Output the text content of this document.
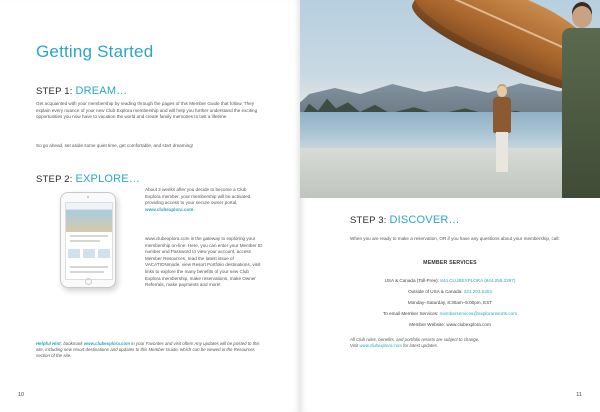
Getting Started
STEP 1: DREAM…

Get acquainted with your membership by reading through the pages of this Member Guide that follow. They explain every nuance of your new Club Explora membership and will help you further understand the exciting opportunities you now have to vacation the world and create family memories to last a lifetime.

So go ahead, set aside some quiet time, get comfortable, and start dreaming!

STEP 2: EXPLORE…

About 2 weeks after you decide to become a Club Explora member, your membership will be activated, providing access to your secure owner portal, www.clubexplora.com.

www.clubexplora.com is the gateway to exploring your membership on-line. Here, you can enter your Member ID number and Password to view your account, access Member Resources, read the latest issue of VACATIONmode, view Resort Portfolio destinations, visit links to explore the many benefits of your new Club Explora membership, make reservations, make Owner Referrals, make payments and more!

Helpful Hint: bookmark www.clubexplora.com in your Favorites and visit often! Any updates will be posted to this site, including new resort destinations and updates to this Member Guide, which can be viewed in the Resources section of the site.

10
STEP 3: DISCOVER…

When you are ready to make a reservation, OR if you have any questions about your membership, call:

MEMBER SERVICES

USA & Canada (Toll-Free): 844.CLUBEXPLORA (844.258.2397)

Outside of USA & Canada: 321.203.5303

Monday–Saturday, 8:30am–5:00pm, EST

To email Member Services: memberservices@exploraresorts.com

Member Website: www.clubexplora.com

All Club rules, benefits, and portfolio resorts are subject to change.
Visit www.clubexplora.com for latest updates.

11
